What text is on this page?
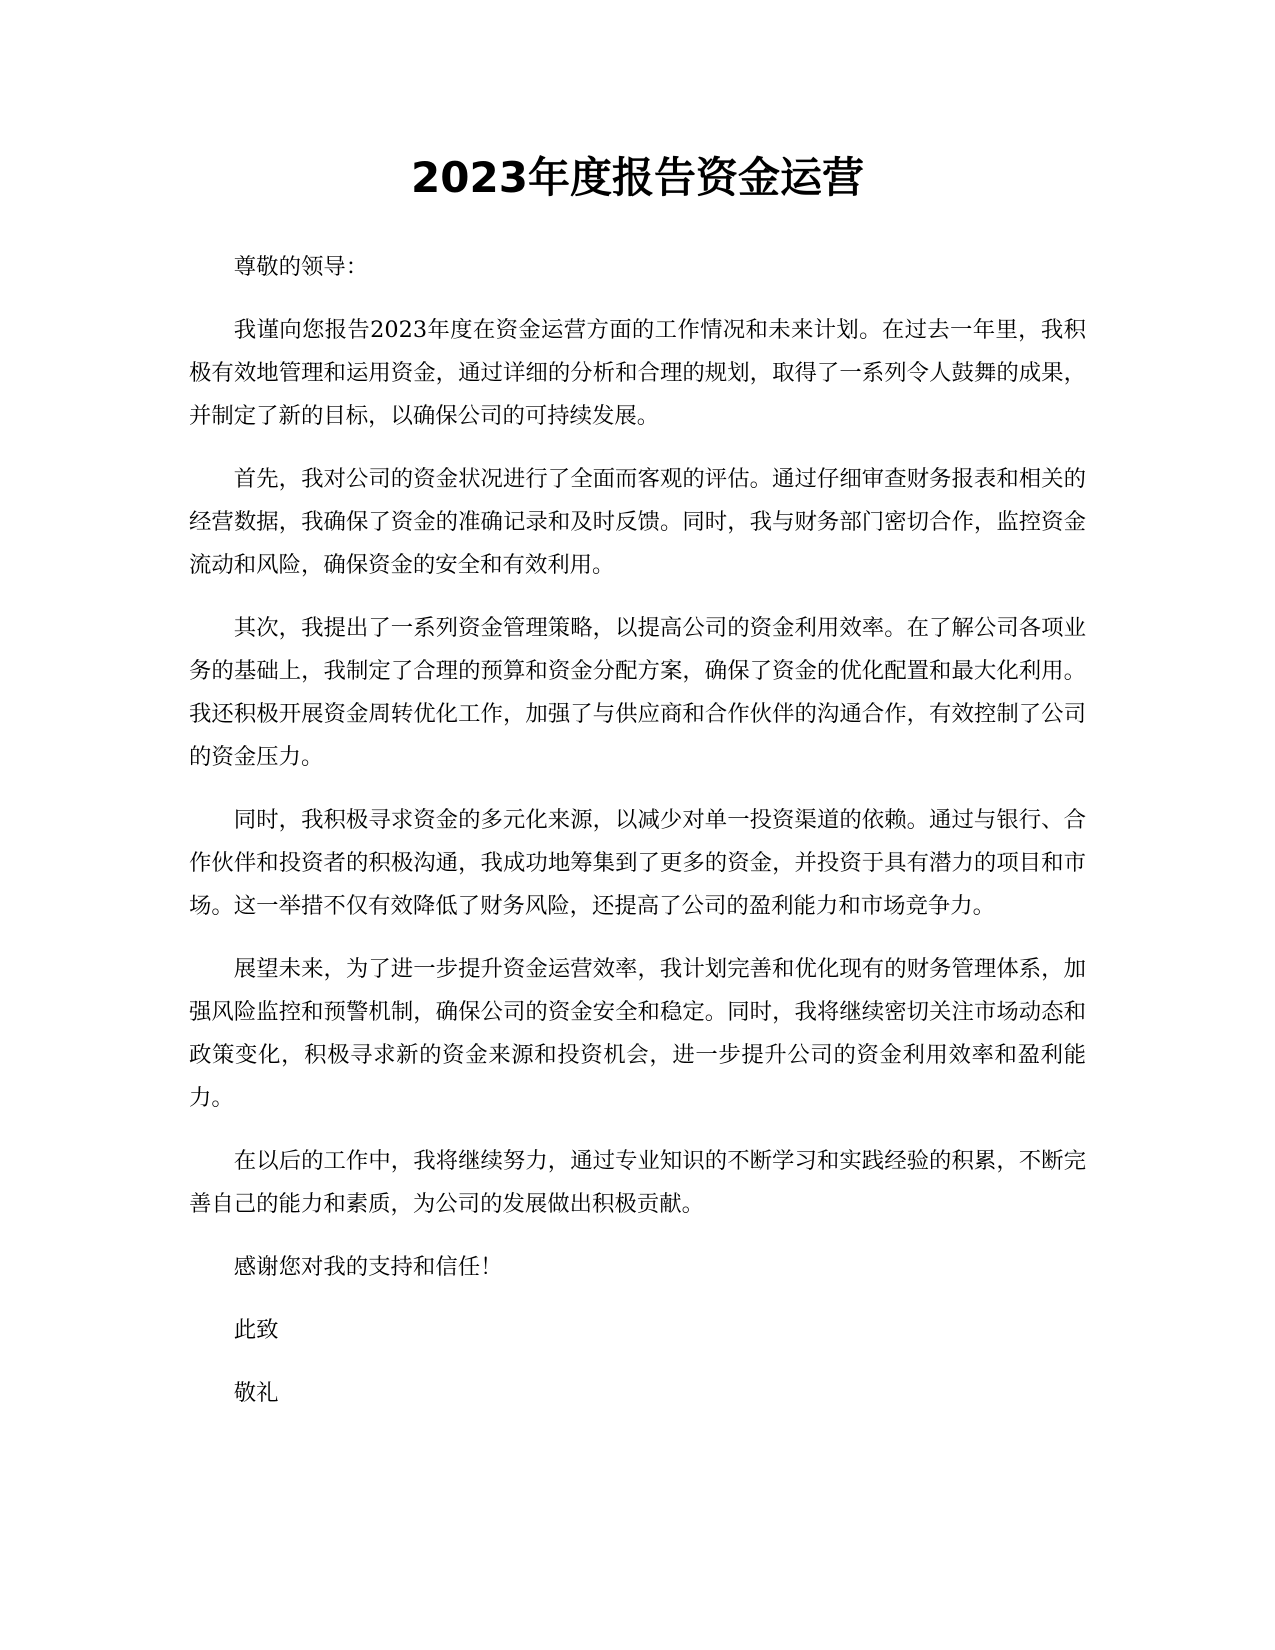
2023年度报告资金运营

尊敬的领导：

我谨向您报告2023年度在资金运营方面的工作情况和未来计划。在过去一年里，我积极有效地管理和运用资金，通过详细的分析和合理的规划，取得了一系列令人鼓舞的成果，并制定了新的目标，以确保公司的可持续发展。

首先，我对公司的资金状况进行了全面而客观的评估。通过仔细审查财务报表和相关的经营数据，我确保了资金的准确记录和及时反馈。同时，我与财务部门密切合作，监控资金流动和风险，确保资金的安全和有效利用。

其次，我提出了一系列资金管理策略，以提高公司的资金利用效率。在了解公司各项业务的基础上，我制定了合理的预算和资金分配方案，确保了资金的优化配置和最大化利用。我还积极开展资金周转优化工作，加强了与供应商和合作伙伴的沟通合作，有效控制了公司的资金压力。

同时，我积极寻求资金的多元化来源，以减少对单一投资渠道的依赖。通过与银行、合作伙伴和投资者的积极沟通，我成功地筹集到了更多的资金，并投资于具有潜力的项目和市场。这一举措不仅有效降低了财务风险，还提高了公司的盈利能力和市场竞争力。

展望未来，为了进一步提升资金运营效率，我计划完善和优化现有的财务管理体系，加强风险监控和预警机制，确保公司的资金安全和稳定。同时，我将继续密切关注市场动态和政策变化，积极寻求新的资金来源和投资机会，进一步提升公司的资金利用效率和盈利能力。

在以后的工作中，我将继续努力，通过专业知识的不断学习和实践经验的积累，不断完善自己的能力和素质，为公司的发展做出积极贡献。

感谢您对我的支持和信任！

此致

敬礼
